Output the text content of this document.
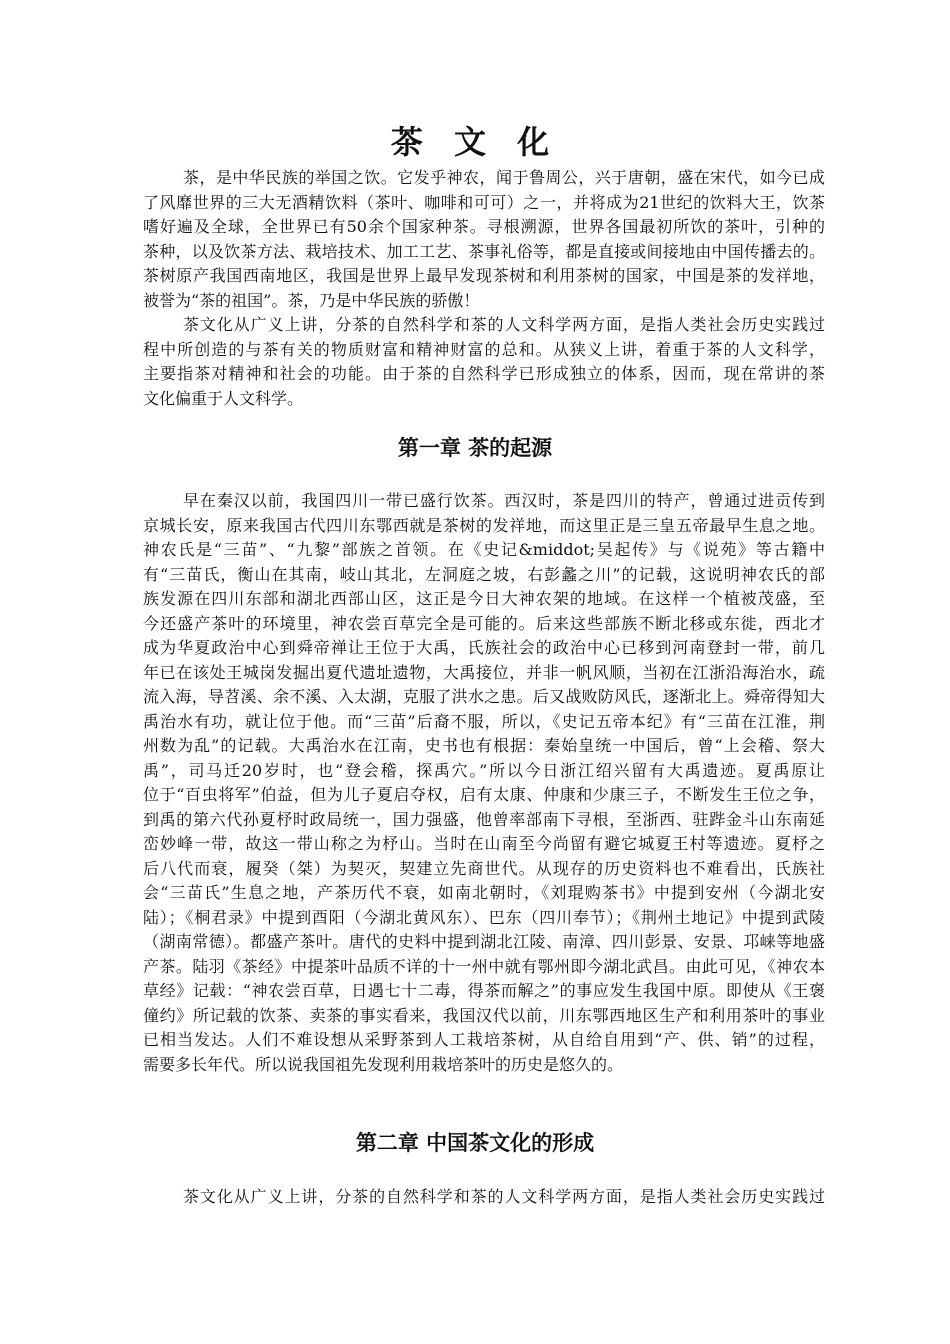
茶 文 化
茶，是中华民族的举国之饮。它发乎神农，闻于鲁周公，兴于唐朝，盛在宋代，如今已成
了风靡世界的三大无酒精饮料（茶叶、咖啡和可可）之一，并将成为21世纪的饮料大王，饮茶
嗜好遍及全球，全世界已有50余个国家种茶。寻根溯源，世界各国最初所饮的茶叶，引种的
茶种，以及饮茶方法、栽培技术、加工工艺、茶事礼俗等，都是直接或间接地由中国传播去的。
茶树原产我国西南地区，我国是世界上最早发现茶树和利用茶树的国家，中国是茶的发祥地，
被誉为“茶的祖国”。茶，乃是中华民族的骄傲！
茶文化从广义上讲，分茶的自然科学和茶的人文科学两方面，是指人类社会历史实践过
程中所创造的与茶有关的物质财富和精神财富的总和。从狭义上讲，着重于茶的人文科学，
主要指茶对精神和社会的功能。由于茶的自然科学已形成独立的体系，因而，现在常讲的茶
文化偏重于人文科学。
第一章 茶的起源
早在秦汉以前，我国四川一带已盛行饮茶。西汉时，茶是四川的特产，曾通过进贡传到
京城长安，原来我国古代四川东鄂西就是茶树的发祥地，而这里正是三皇五帝最早生息之地。
神农氏是“三苗”、“九黎”部族之首领。在《史记&middot;吴起传》与《说苑》等古籍中
有“三苗氏，衡山在其南，岐山其北，左洞庭之坡，右彭蠡之川”的记载，这说明神农氏的部
族发源在四川东部和湖北西部山区，这正是今日大神农架的地域。在这样一个植被茂盛，至
今还盛产茶叶的环境里，神农尝百草完全是可能的。后来这些部族不断北移或东徙，西北才
成为华夏政治中心到舜帝禅让王位于大禹，氏族社会的政治中心已移到河南登封一带，前几
年已在该处王城岗发掘出夏代遗址遗物，大禹接位，并非一帆风顺，当初在江浙沿海治水，疏
流入海，导苕溪、余不溪、入太湖，克服了洪水之患。后又战败防风氏，逐渐北上。舜帝得知大
禹治水有功，就让位于他。而“三苗”后裔不服，所以，《史记五帝本纪》有“三苗在江淮，荆
州数为乱”的记载。大禹治水在江南，史书也有根据：秦始皇统一中国后，曾“上会稽、祭大
禹”，司马迁20岁时，也“登会稽，探禹穴。”所以今日浙江绍兴留有大禹遗迹。夏禹原让
位于“百虫将军”伯益，但为儿子夏启夺权，启有太康、仲康和少康三子，不断发生王位之争，
到禹的第六代孙夏杼时政局统一，国力强盛，他曾率部南下寻根，至浙西、驻跸金斗山东南延
峦妙峰一带，故这一带山称之为杼山。当时在山南至今尚留有避它城夏王村等遗迹。夏杼之
后八代而衰，履癸（桀）为契灭，契建立先商世代。从现存的历史资料也不难看出，氏族社
会“三苗氏”生息之地，产茶历代不衰，如南北朝时，《刘琨购茶书》中提到安州（今湖北安
陆）；《桐君录》中提到酉阳（今湖北黄风东）、巴东（四川奉节）；《荆州土地记》中提到武陵
（湖南常德）。都盛产茶叶。唐代的史料中提到湖北江陵、南漳、四川彭景、安景、邛崃等地盛
产茶。陆羽《茶经》中提茶叶品质不详的十一州中就有鄂州即今湖北武昌。由此可见，《神农本
草经》记载：“神农尝百草，日遇七十二毒，得茶而解之”的事应发生我国中原。即使从《王褒
僮约》所记载的饮茶、卖茶的事实看来，我国汉代以前，川东鄂西地区生产和利用茶叶的事业
已相当发达。人们不难设想从采野茶到人工栽培茶树，从自给自用到“产、供、销”的过程，
需要多长年代。所以说我国祖先发现利用栽培茶叶的历史是悠久的。
第二章 中国茶文化的形成
茶文化从广义上讲，分茶的自然科学和茶的人文科学两方面，是指人类社会历史实践过
